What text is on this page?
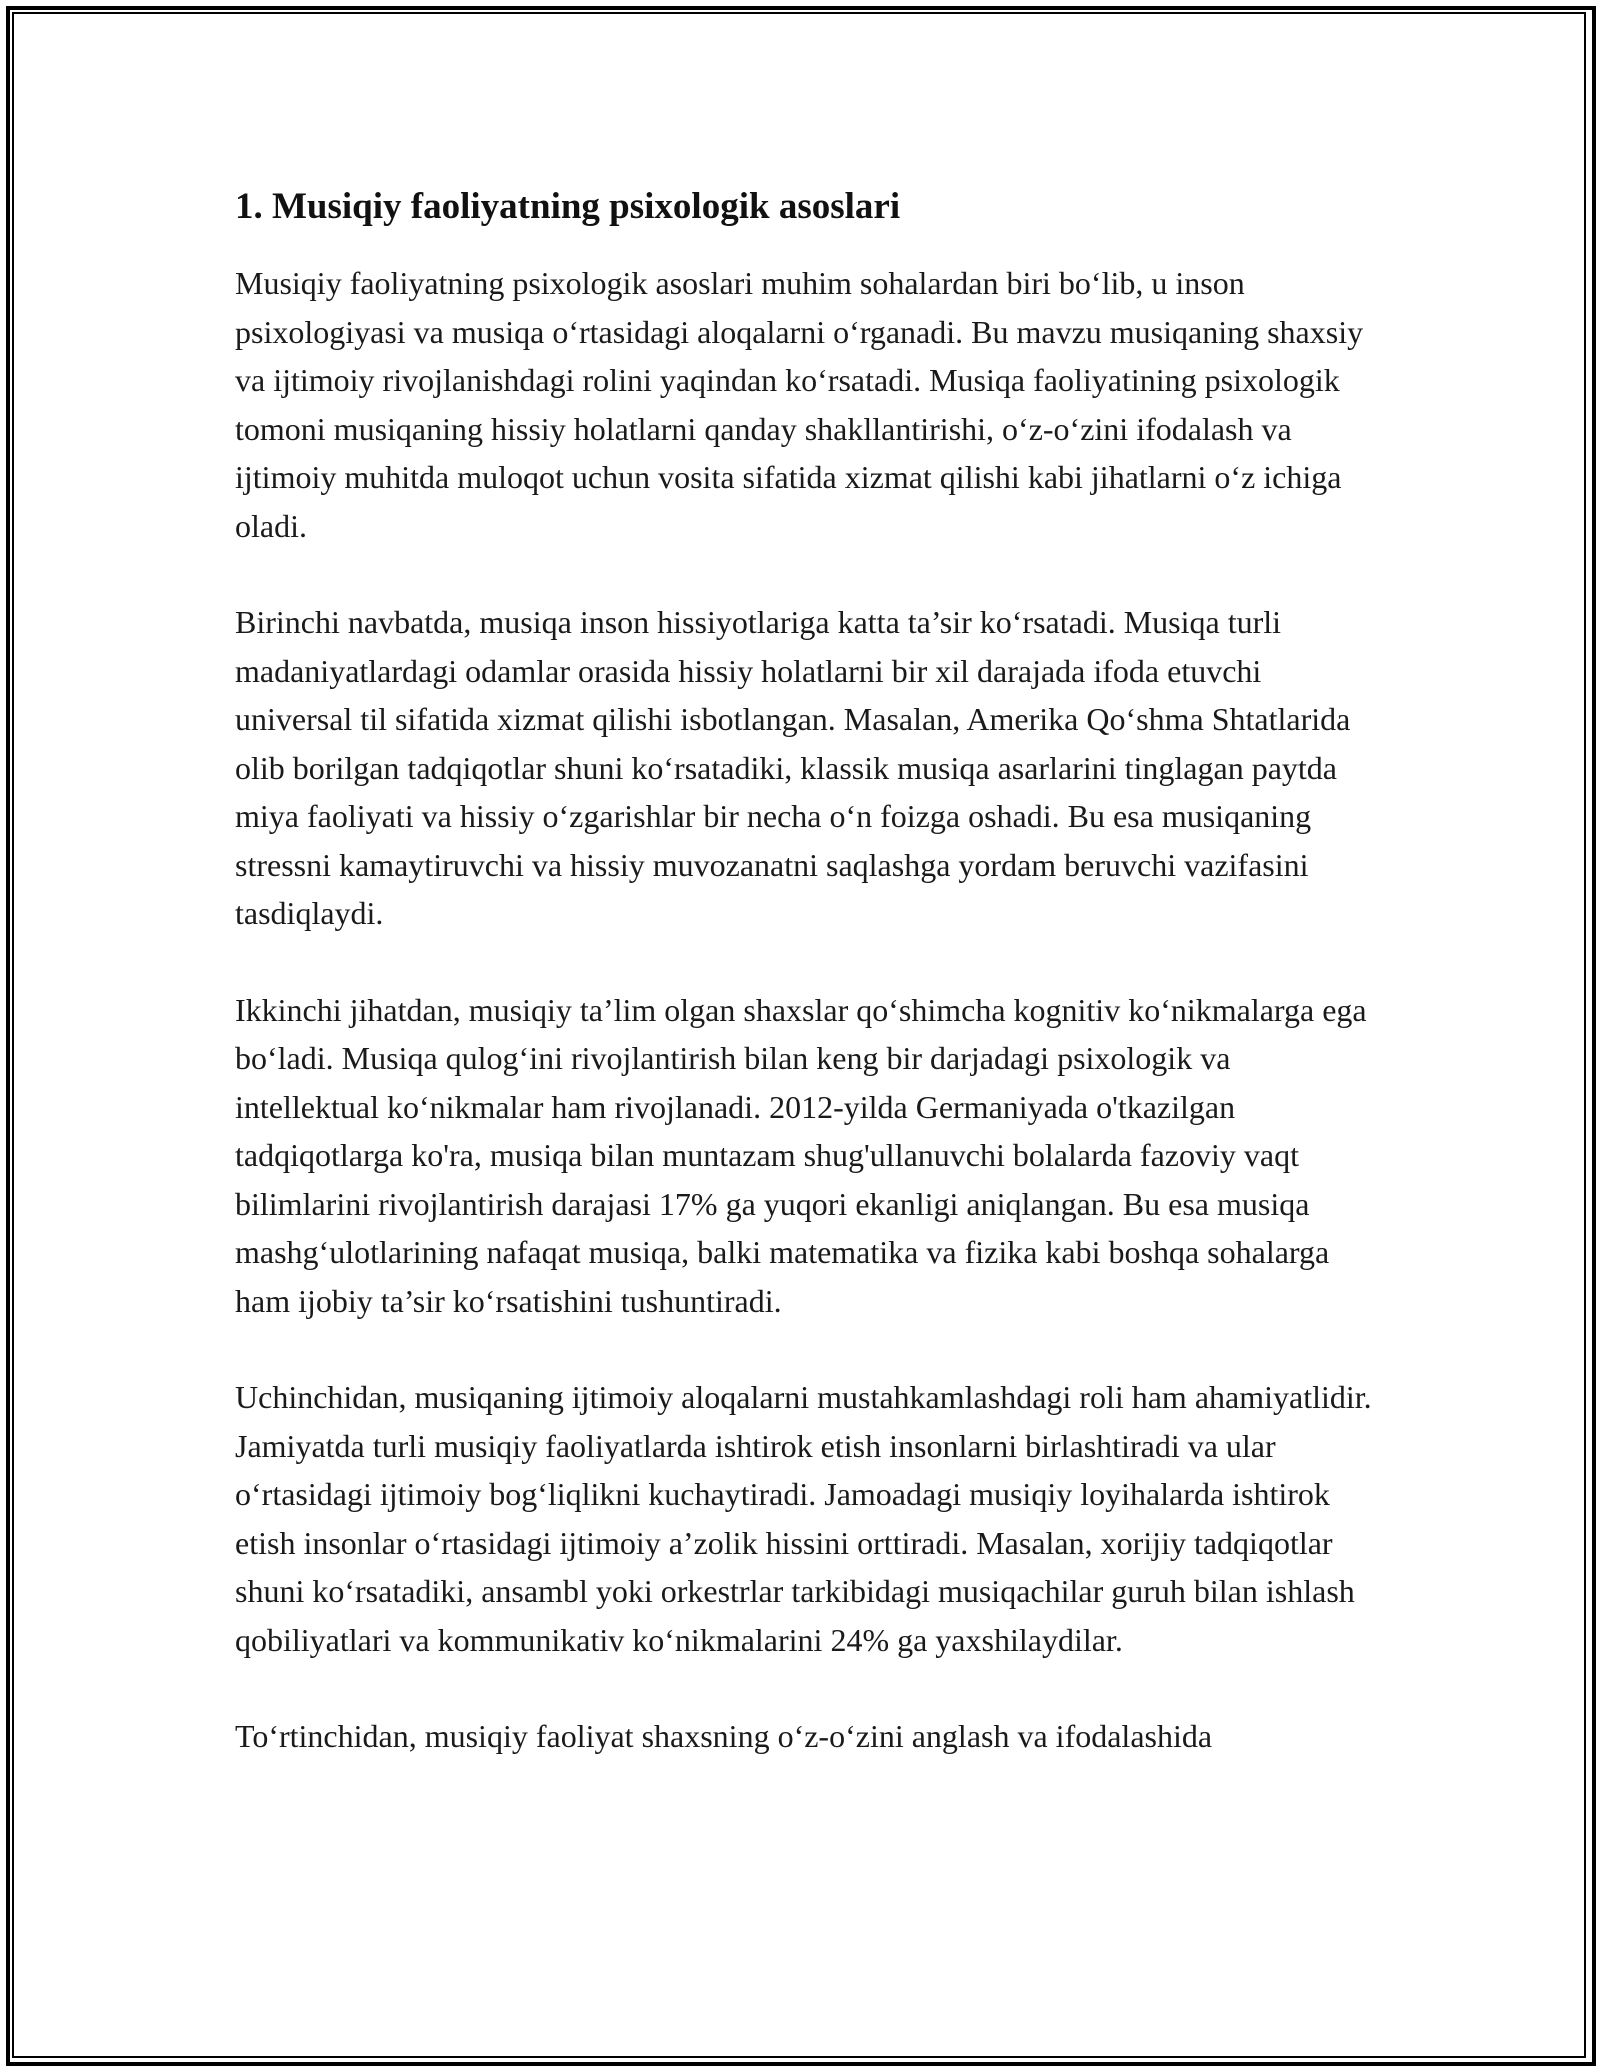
1. Musiqiy faoliyatning psixologik asoslari

Musiqiy faoliyatning psixologik asoslari muhim sohalardan biri bo‘lib, u inson psixologiyasi va musiqa o‘rtasidagi aloqalarni o‘rganadi. Bu mavzu musiqaning shaxsiy va ijtimoiy rivojlanishdagi rolini yaqindan ko‘rsatadi. Musiqa faoliyatining psixologik tomoni musiqaning hissiy holatlarni qanday shakllantirishi, o‘z-o‘zini ifodalash va ijtimoiy muhitda muloqot uchun vosita sifatida xizmat qilishi kabi jihatlarni o‘z ichiga oladi.

Birinchi navbatda, musiqa inson hissiyotlariga katta ta’sir ko‘rsatadi. Musiqa turli madaniyatlardagi odamlar orasida hissiy holatlarni bir xil darajada ifoda etuvchi universal til sifatida xizmat qilishi isbotlangan. Masalan, Amerika Qo‘shma Shtatlarida olib borilgan tadqiqotlar shuni ko‘rsatadiki, klassik musiqa asarlarini tinglagan paytda miya faoliyati va hissiy o‘zgarishlar bir necha o‘n foizga oshadi. Bu esa musiqaning stressni kamaytiruvchi va hissiy muvozanatni saqlashga yordam beruvchi vazifasini tasdiqlaydi.

Ikkinchi jihatdan, musiqiy ta’lim olgan shaxslar qo‘shimcha kognitiv ko‘nikmalarga ega bo‘ladi. Musiqa qulog‘ini rivojlantirish bilan keng bir darjadagi psixologik va intellektual ko‘nikmalar ham rivojlanadi. 2012-yilda Germaniyada o'tkazilgan tadqiqotlarga ko'ra, musiqa bilan muntazam shug'ullanuvchi bolalarda fazoviy vaqt bilimlarini rivojlantirish darajasi 17% ga yuqori ekanligi aniqlangan. Bu esa musiqa mashg‘ulotlarining nafaqat musiqa, balki matematika va fizika kabi boshqa sohalarga ham ijobiy ta’sir ko‘rsatishini tushuntiradi.

Uchinchidan, musiqaning ijtimoiy aloqalarni mustahkamlashdagi roli ham ahamiyatlidir. Jamiyatda turli musiqiy faoliyatlarda ishtirok etish insonlarni birlashtiradi va ular o‘rtasidagi ijtimoiy bog‘liqlikni kuchaytiradi. Jamoadagi musiqiy loyihalarda ishtirok etish insonlar o‘rtasidagi ijtimoiy a’zolik hissini orttiradi. Masalan, xorijiy tadqiqotlar shuni ko‘rsatadiki, ansambl yoki orkestrlar tarkibidagi musiqachilar guruh bilan ishlash qobiliyatlari va kommunikativ ko‘nikmalarini 24% ga yaxshilaydilar.

To‘rtinchidan, musiqiy faoliyat shaxsning o‘z-o‘zini anglash va ifodalashida
